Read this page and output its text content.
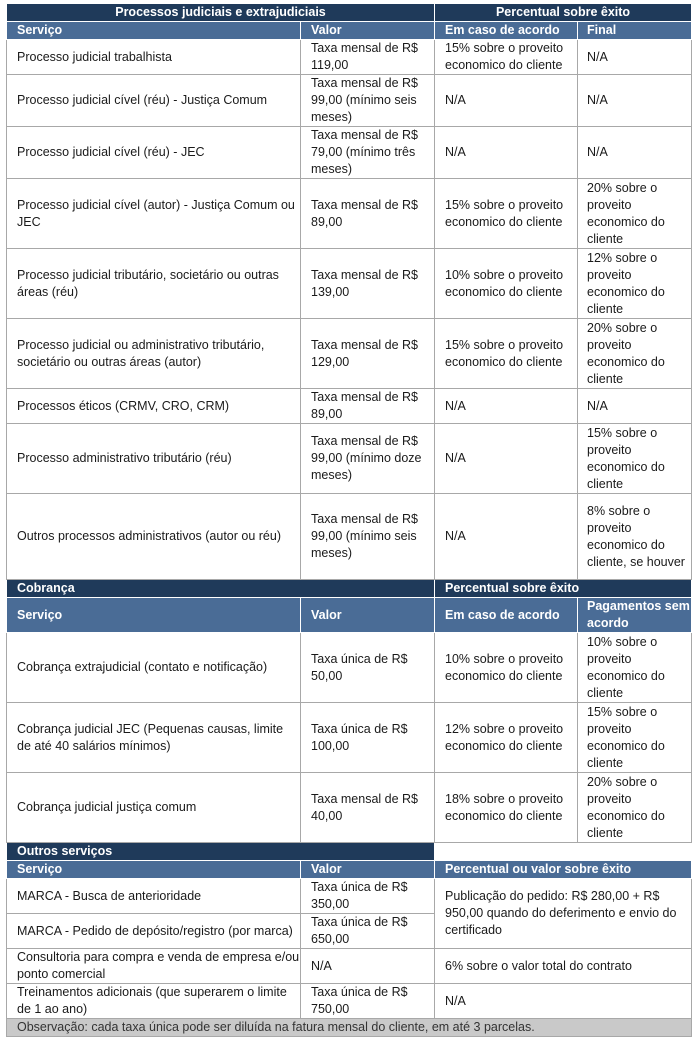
Processos judiciais e extrajudiciais		Percentual sobre êxito	
Serviço	Valor	Em caso de acordo	Final
Processo judicial trabalhista	Taxa mensal de R$ 119,00	15% sobre o proveito economico do cliente	N/A
Processo judicial cível (réu) - Justiça Comum	Taxa mensal de R$ 99,00 (mínimo seis meses)	N/A	N/A
Processo judicial cível (réu) - JEC	Taxa mensal de R$ 79,00 (mínimo três meses)	N/A	N/A
Processo judicial cível (autor) - Justiça Comum ou JEC	Taxa mensal de R$ 89,00	15% sobre o proveito economico do cliente	20% sobre o proveito economico do cliente
Processo judicial tributário, societário ou outras áreas (réu)	Taxa mensal de R$ 139,00	10% sobre o proveito economico do cliente	12% sobre o proveito economico do cliente
Processo judicial ou administrativo tributário, societário ou outras áreas (autor)	Taxa mensal de R$ 129,00	15% sobre o proveito economico do cliente	20% sobre o proveito economico do cliente
Processos éticos (CRMV, CRO, CRM)	Taxa mensal de R$ 89,00	N/A	N/A
Processo administrativo tributário (réu)	Taxa mensal de R$ 99,00 (mínimo doze meses)	N/A	15% sobre o proveito economico do cliente
Outros processos administrativos (autor ou réu)	Taxa mensal de R$ 99,00 (mínimo seis meses)	N/A	8% sobre o proveito economico do cliente, se houver
Cobrança		Percentual sobre êxito	
Serviço	Valor	Em caso de acordo	Pagamentos sem acordo
Cobrança extrajudicial (contato e notificação)	Taxa única de R$ 50,00	10% sobre o proveito economico do cliente	10% sobre o proveito economico do cliente
Cobrança judicial JEC (Pequenas causas, limite de até 40 salários mínimos)	Taxa única de R$ 100,00	12% sobre o proveito economico do cliente	15% sobre o proveito economico do cliente
Cobrança judicial justiça comum	Taxa mensal de R$ 40,00	18% sobre o proveito economico do cliente	20% sobre o proveito economico do cliente
Outros serviços			
Serviço	Valor	Percentual ou valor sobre êxito	
MARCA - Busca de anterioridade	Taxa única de R$ 350,00	Publicação do pedido: R$ 280,00 + R$ 950,00 quando do deferimento e envio do certificado	
MARCA - Pedido de depósito/registro (por marca)	Taxa única de R$ 650,00		
Consultoria para compra e venda de empresa e/ou ponto comercial	N/A	6% sobre o valor total do contrato	
Treinamentos adicionais (que superarem o limite de 1 ao ano)	Taxa única de R$ 750,00	N/A	
Observação: cada taxa única pode ser diluída na fatura mensal do cliente, em até 3 parcelas.			
